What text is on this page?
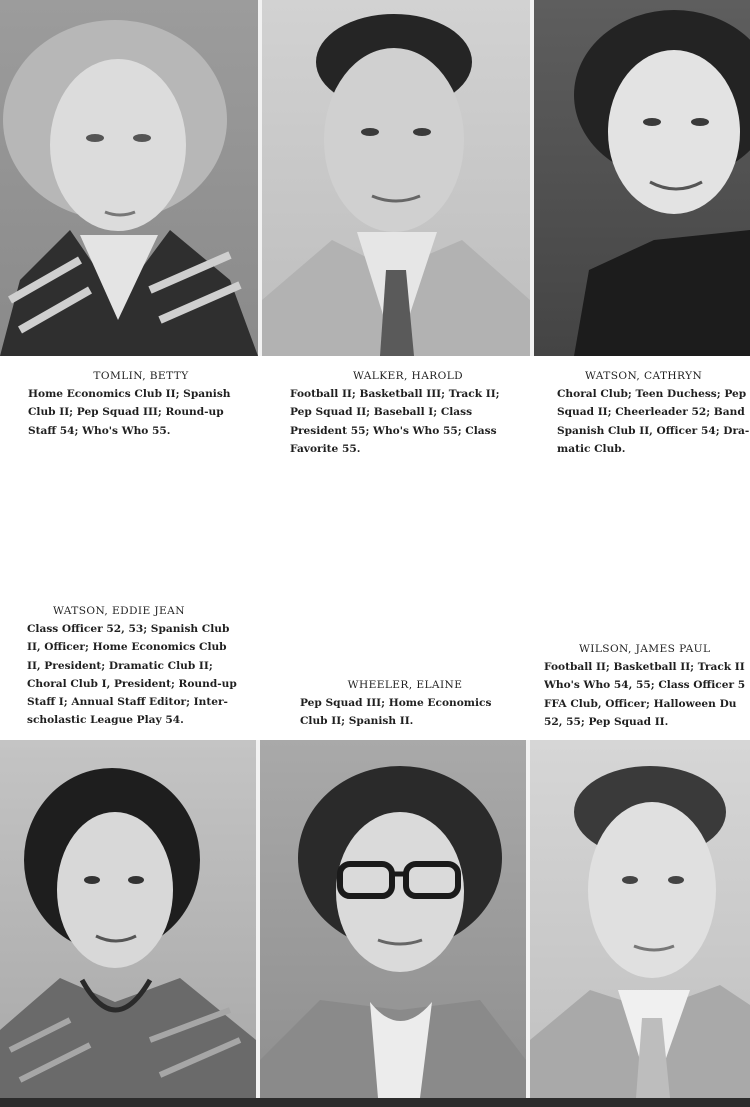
TOMLIN, BETTY
Home Economics Club II; Spanish
Club II; Pep Squad III; Round-up
Staff 54; Who's Who 55.
WALKER, HAROLD
Football II; Basketball III; Track II;
Pep Squad II; Baseball I; Class
President 55; Who's Who 55; Class
Favorite 55.
WATSON, CATHRYN
Choral Club; Teen Duchess; Pep
Squad II; Cheerleader 52; Band
Spanish Club II, Officer 54; Dra-
matic Club.
WATSON, EDDIE JEAN
Class Officer 52, 53; Spanish Club
II, Officer; Home Economics Club
II, President; Dramatic Club II;
Choral Club I, President; Round-up
Staff I; Annual Staff Editor; Inter-
scholastic League Play 54.
WHEELER, ELAINE
Pep Squad III; Home Economics
Club II; Spanish II.
WILSON, JAMES PAUL
Football II; Basketball II; Track II
Who's Who 54, 55; Class Officer 5
FFA Club, Officer; Halloween Du
52, 55; Pep Squad II.
